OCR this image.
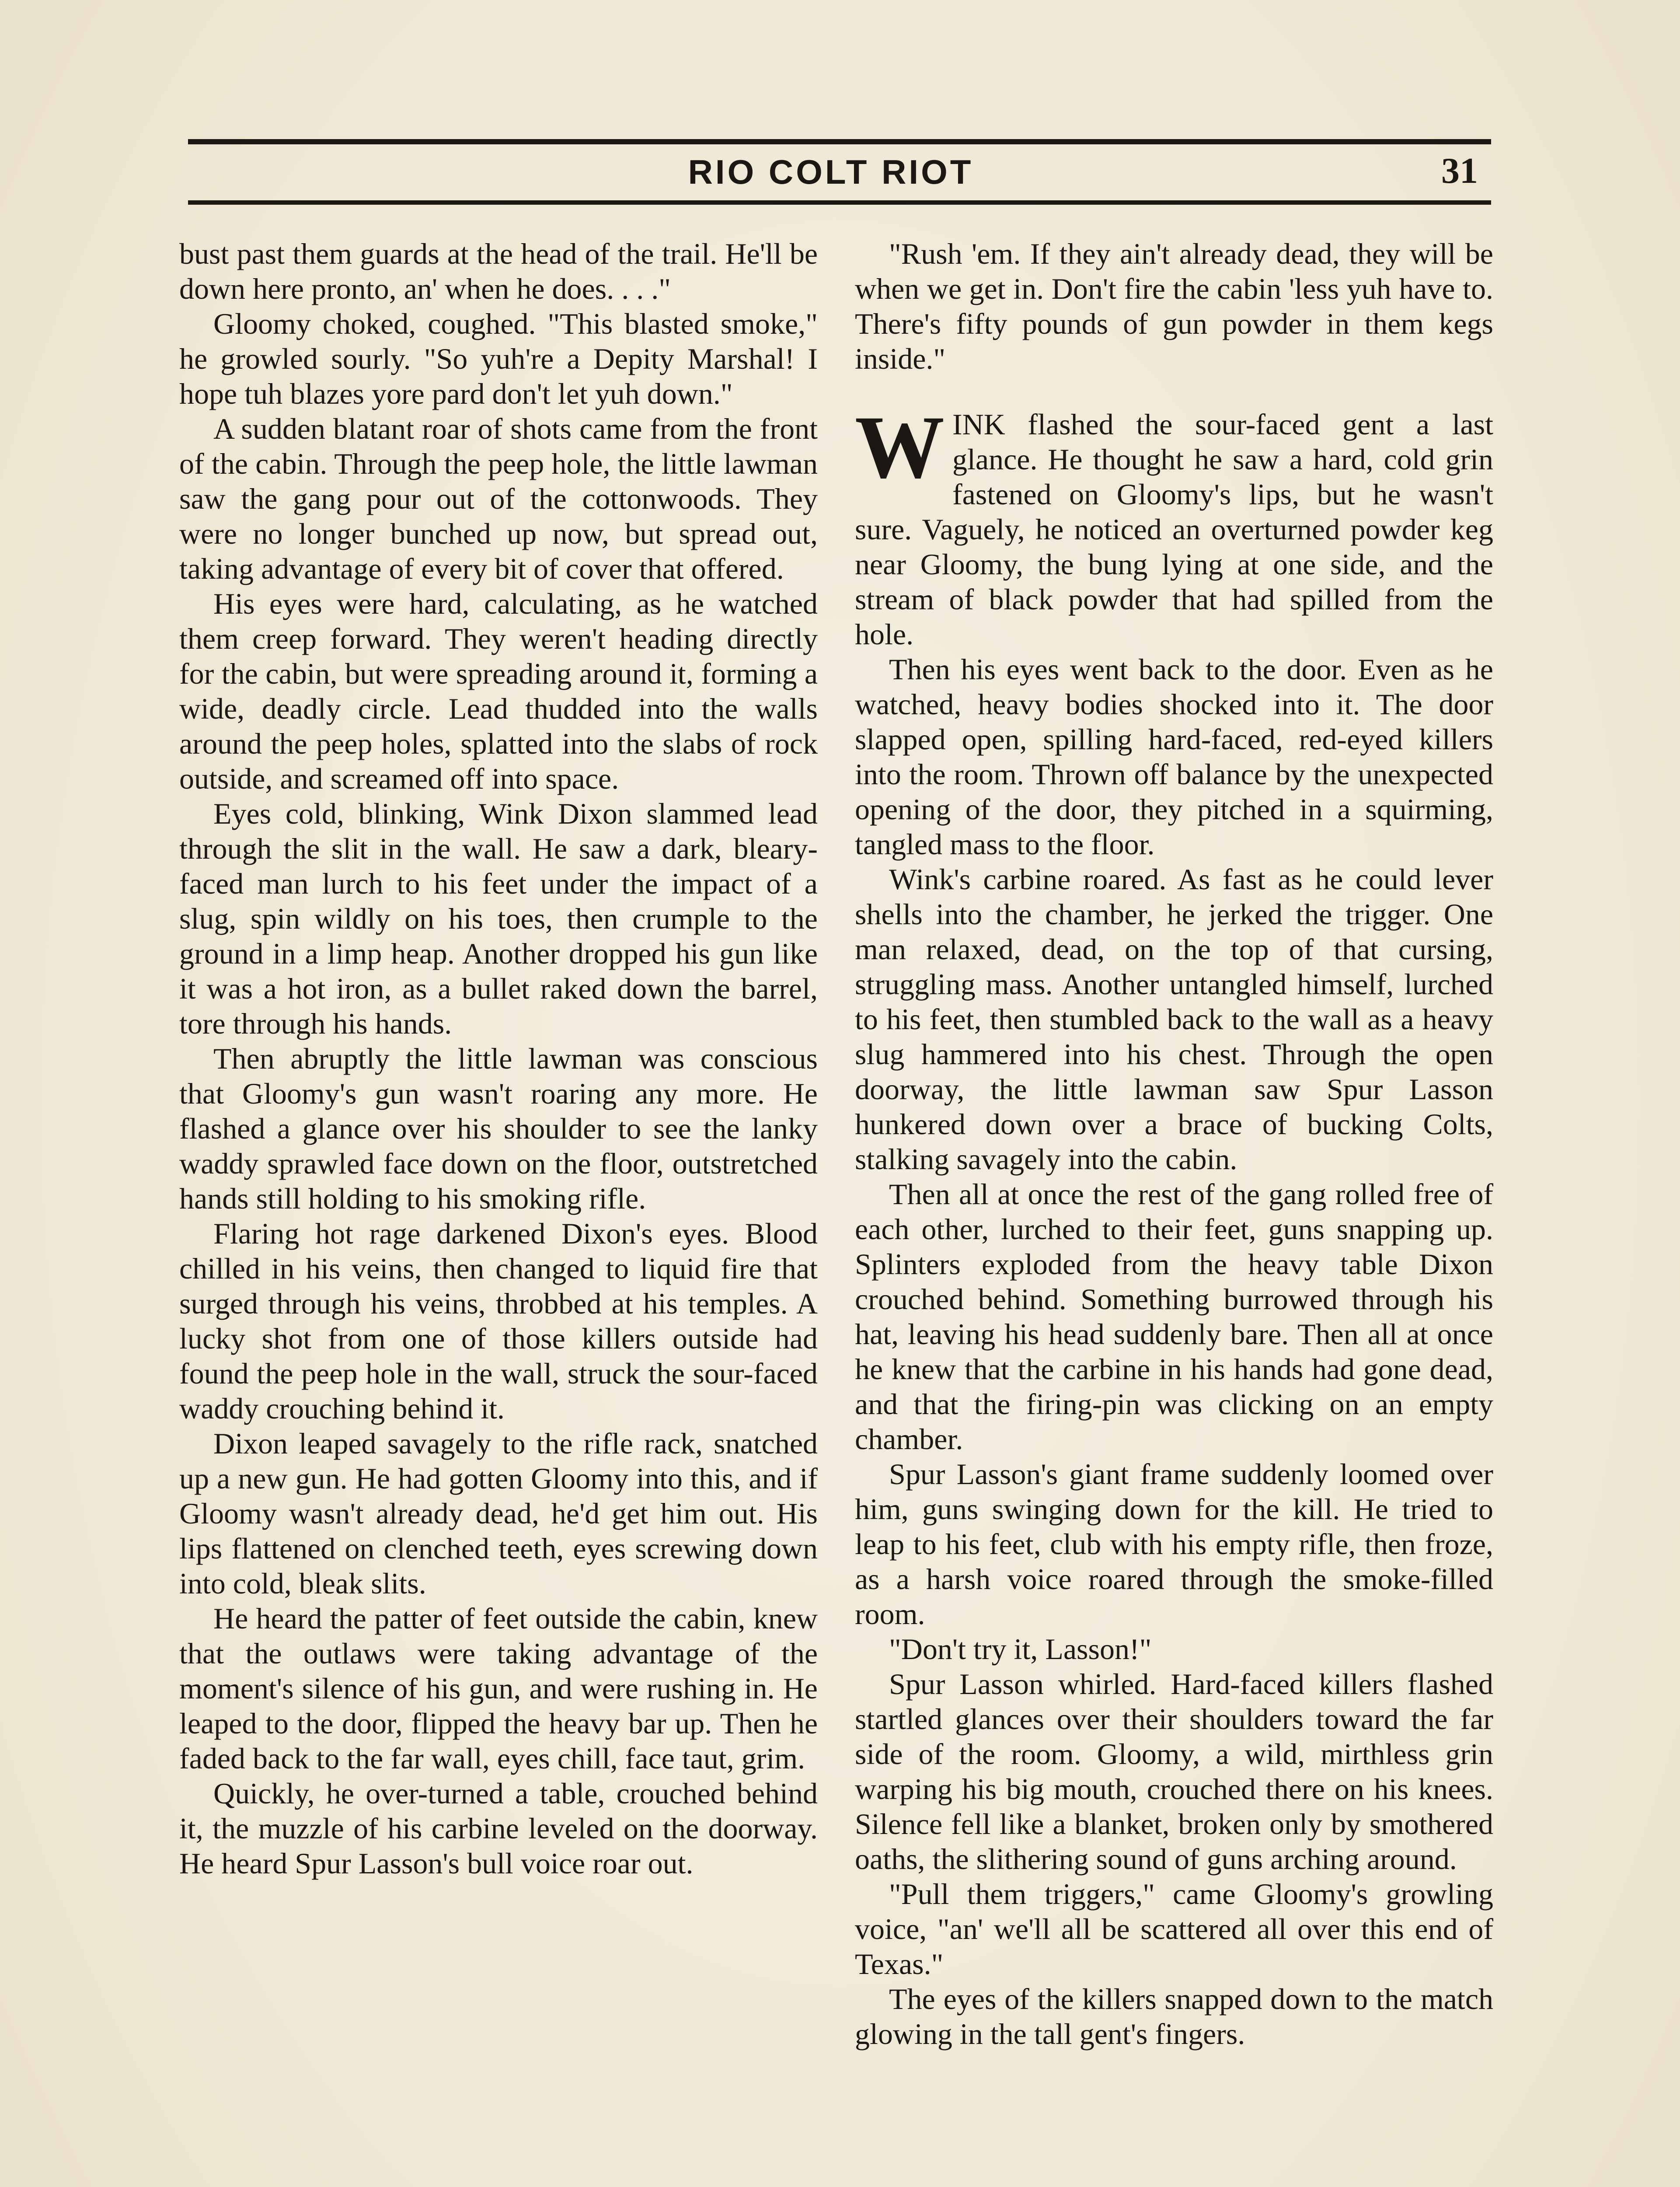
RIO COLT RIOT	31

bust past them guards at the head of the trail. He'll be down here pronto, an' when he does. . . ."

Gloomy choked, coughed. "This blasted smoke," he growled sourly. "So yuh're a Depity Marshal! I hope tuh blazes yore pard don't let yuh down."

A sudden blatant roar of shots came from the front of the cabin. Through the peep hole, the little lawman saw the gang pour out of the cottonwoods. They were no longer bunched up now, but spread out, taking advantage of every bit of cover that offered.

His eyes were hard, calculating, as he watched them creep forward. They weren't heading directly for the cabin, but were spreading around it, forming a wide, deadly circle. Lead thudded into the walls around the peep holes, splatted into the slabs of rock outside, and screamed off into space.

Eyes cold, blinking, Wink Dixon slammed lead through the slit in the wall. He saw a dark, bleary-faced man lurch to his feet under the impact of a slug, spin wildly on his toes, then crumple to the ground in a limp heap. Another dropped his gun like it was a hot iron, as a bullet raked down the barrel, tore through his hands.

Then abruptly the little lawman was conscious that Gloomy's gun wasn't roaring any more. He flashed a glance over his shoulder to see the lanky waddy sprawled face down on the floor, outstretched hands still holding to his smoking rifle.

Flaring hot rage darkened Dixon's eyes. Blood chilled in his veins, then changed to liquid fire that surged through his veins, throbbed at his temples. A lucky shot from one of those killers outside had found the peep hole in the wall, struck the sour-faced waddy crouching behind it.

Dixon leaped savagely to the rifle rack, snatched up a new gun. He had gotten Gloomy into this, and if Gloomy wasn't already dead, he'd get him out. His lips flattened on clenched teeth, eyes screwing down into cold, bleak slits.

He heard the patter of feet outside the cabin, knew that the outlaws were taking advantage of the moment's silence of his gun, and were rushing in. He leaped to the door, flipped the heavy bar up. Then he faded back to the far wall, eyes chill, face taut, grim.

Quickly, he over-turned a table, crouched behind it, the muzzle of his carbine leveled on the doorway. He heard Spur Lasson's bull voice roar out.

"Rush 'em. If they ain't already dead, they will be when we get in. Don't fire the cabin 'less yuh have to. There's fifty pounds of gun powder in them kegs inside."

WINK flashed the sour-faced gent a last glance. He thought he saw a hard, cold grin fastened on Gloomy's lips, but he wasn't sure. Vaguely, he noticed an overturned powder keg near Gloomy, the bung lying at one side, and the stream of black powder that had spilled from the hole.

Then his eyes went back to the door. Even as he watched, heavy bodies shocked into it. The door slapped open, spilling hard-faced, red-eyed killers into the room. Thrown off balance by the unexpected opening of the door, they pitched in a squirming, tangled mass to the floor.

Wink's carbine roared. As fast as he could lever shells into the chamber, he jerked the trigger. One man relaxed, dead, on the top of that cursing, struggling mass. Another untangled himself, lurched to his feet, then stumbled back to the wall as a heavy slug hammered into his chest. Through the open doorway, the little lawman saw Spur Lasson hunkered down over a brace of bucking Colts, stalking savagely into the cabin.

Then all at once the rest of the gang rolled free of each other, lurched to their feet, guns snapping up. Splinters exploded from the heavy table Dixon crouched behind. Something burrowed through his hat, leaving his head suddenly bare. Then all at once he knew that the carbine in his hands had gone dead, and that the firing-pin was clicking on an empty chamber.

Spur Lasson's giant frame suddenly loomed over him, guns swinging down for the kill. He tried to leap to his feet, club with his empty rifle, then froze, as a harsh voice roared through the smoke-filled room.

"Don't try it, Lasson!"

Spur Lasson whirled. Hard-faced killers flashed startled glances over their shoulders toward the far side of the room. Gloomy, a wild, mirthless grin warping his big mouth, crouched there on his knees. Silence fell like a blanket, broken only by smothered oaths, the slithering sound of guns arching around.

"Pull them triggers," came Gloomy's growling voice, "an' we'll all be scattered all over this end of Texas."

The eyes of the killers snapped down to the match glowing in the tall gent's fingers.
